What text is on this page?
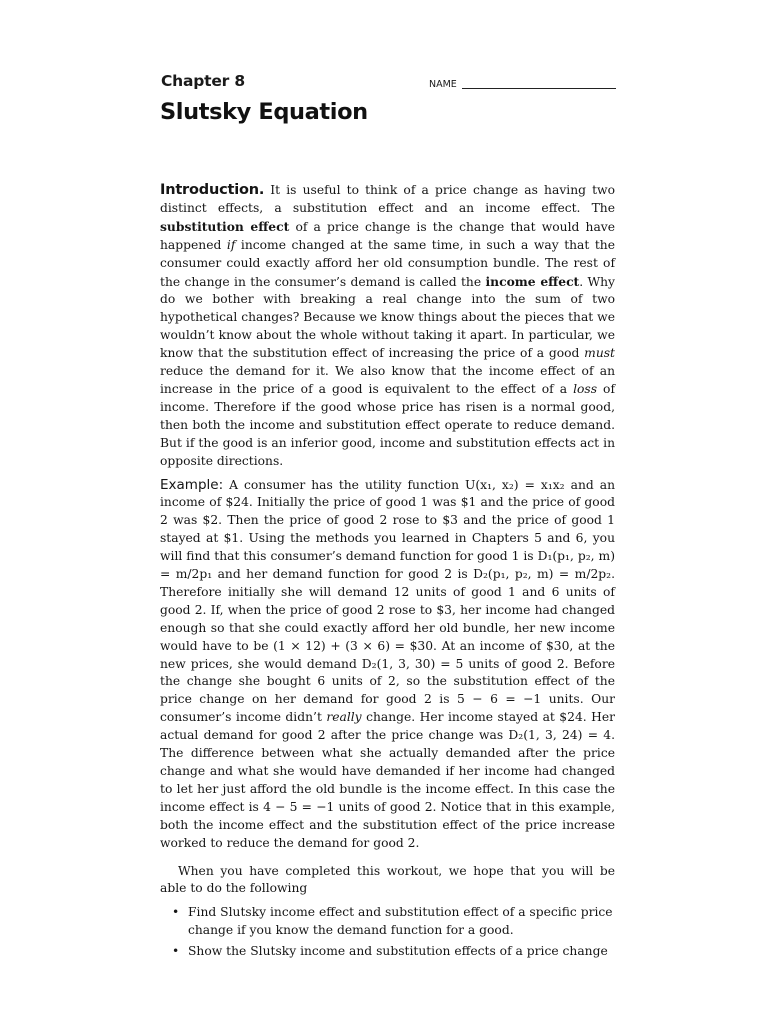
Chapter 8	NAME
Slutsky Equation

Introduction. It is useful to think of a price change as having two distinct effects, a substitution effect and an income effect. The substitution effect of a price change is the change that would have happened if income changed at the same time, in such a way that the consumer could exactly afford her old consumption bundle. The rest of the change in the consumer’s demand is called the income effect. Why do we bother with breaking a real change into the sum of two hypothetical changes? Because we know things about the pieces that we wouldn’t know about the whole without taking it apart. In particular, we know that the substitution effect of increasing the price of a good must reduce the demand for it. We also know that the income effect of an increase in the price of a good is equivalent to the effect of a loss of income. Therefore if the good whose price has risen is a normal good, then both the income and substitution effect operate to reduce demand. But if the good is an inferior good, income and substitution effects act in opposite directions.

Example: A consumer has the utility function U(x₁, x₂) = x₁x₂ and an income of $24. Initially the price of good 1 was $1 and the price of good 2 was $2. Then the price of good 2 rose to $3 and the price of good 1 stayed at $1. Using the methods you learned in Chapters 5 and 6, you will find that this consumer’s demand function for good 1 is D₁(p₁, p₂, m) = m/2p₁ and her demand function for good 2 is D₂(p₁, p₂, m) = m/2p₂. Therefore initially she will demand 12 units of good 1 and 6 units of good 2. If, when the price of good 2 rose to $3, her income had changed enough so that she could exactly afford her old bundle, her new income would have to be (1 × 12) + (3 × 6) = $30. At an income of $30, at the new prices, she would demand D₂(1, 3, 30) = 5 units of good 2. Before the change she bought 6 units of 2, so the substitution effect of the price change on her demand for good 2 is 5 − 6 = −1 units. Our consumer’s income didn’t really change. Her income stayed at $24. Her actual demand for good 2 after the price change was D₂(1, 3, 24) = 4. The difference between what she actually demanded after the price change and what she would have demanded if her income had changed to let her just afford the old bundle is the income effect. In this case the income effect is 4 − 5 = −1 units of good 2. Notice that in this example, both the income effect and the substitution effect of the price increase worked to reduce the demand for good 2.

When you have completed this workout, we hope that you will be able to do the following

• Find Slutsky income effect and substitution effect of a specific price change if you know the demand function for a good.
• Show the Slutsky income and substitution effects of a price change
